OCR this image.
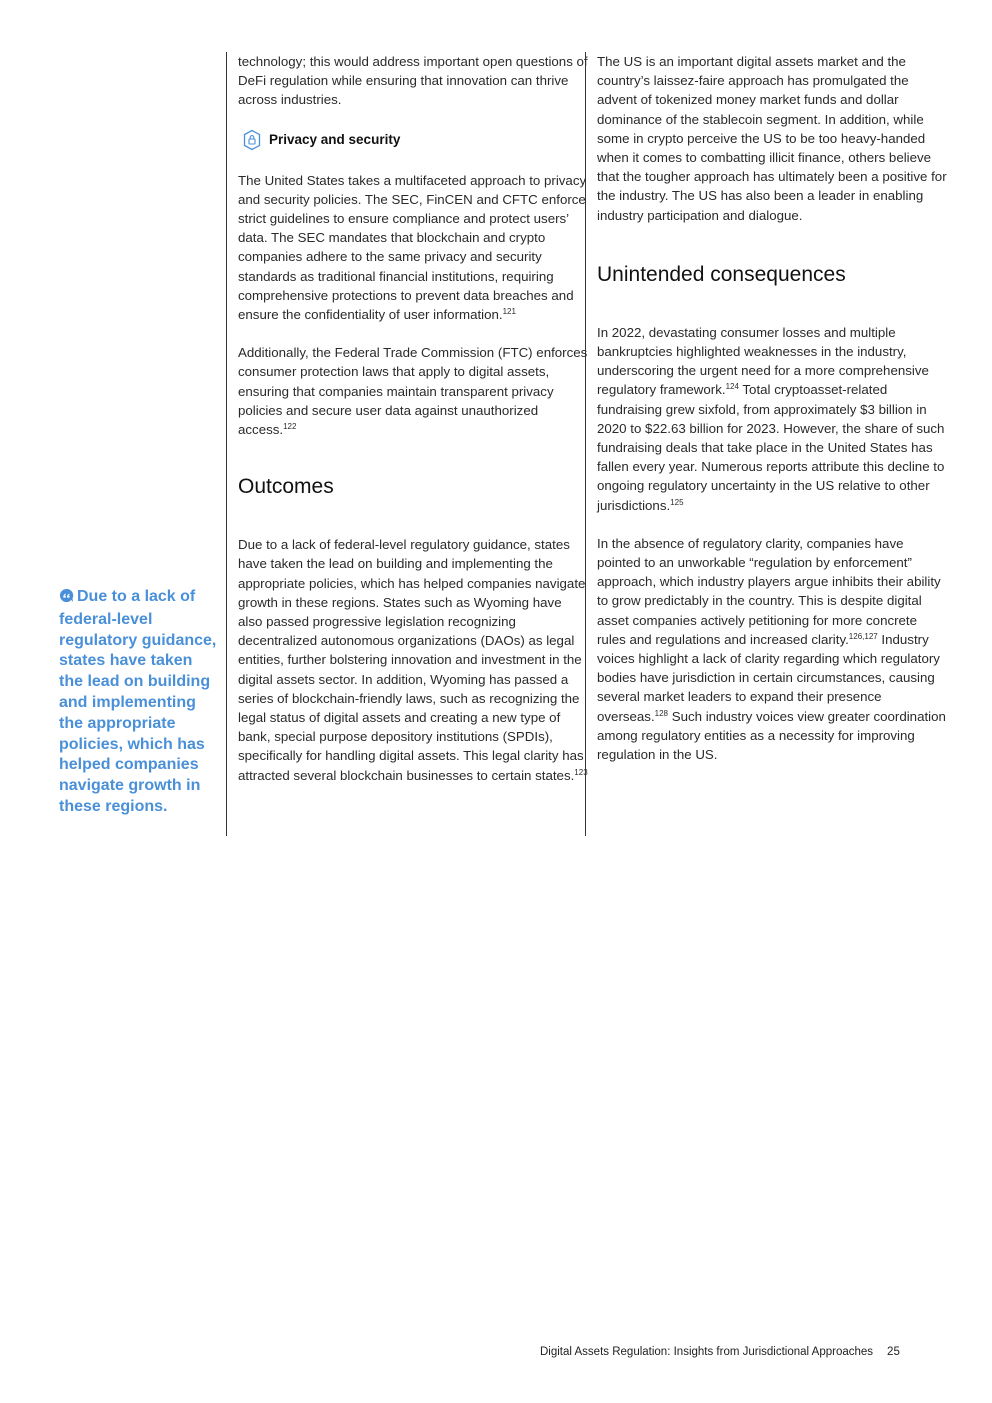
Due to a lack of federal-level regulatory guidance, states have taken the lead on building and implementing the appropriate policies, which has helped companies navigate growth in these regions.

technology; this would address important open questions of DeFi regulation while ensuring that innovation can thrive across industries.

Privacy and security

The United States takes a multifaceted approach to privacy and security policies. The SEC, FinCEN and CFTC enforce strict guidelines to ensure compliance and protect users’ data. The SEC mandates that blockchain and crypto companies adhere to the same privacy and security standards as traditional financial institutions, requiring comprehensive protections to prevent data breaches and ensure the confidentiality of user information.$^{121}$

Additionally, the Federal Trade Commission (FTC) enforces consumer protection laws that apply to digital assets, ensuring that companies maintain transparent privacy policies and secure user data against unauthorized access.$^{122}$

Outcomes

Due to a lack of federal-level regulatory guidance, states have taken the lead on building and implementing the appropriate policies, which has helped companies navigate growth in these regions. States such as Wyoming have also passed progressive legislation recognizing decentralized autonomous organizations (DAOs) as legal entities, further bolstering innovation and investment in the digital assets sector. In addition, Wyoming has passed a series of blockchain-friendly laws, such as recognizing the legal status of digital assets and creating a new type of bank, special purpose depository institutions (SPDIs), specifically for handling digital assets. This legal clarity has attracted several blockchain businesses to certain states.$^{123}$

The US is an important digital assets market and the country’s laissez-faire approach has promulgated the advent of tokenized money market funds and dollar dominance of the stablecoin segment. In addition, while some in crypto perceive the US to be too heavy-handed when it comes to combatting illicit finance, others believe that the tougher approach has ultimately been a positive for the industry. The US has also been a leader in enabling industry participation and dialogue.

Unintended consequences

In 2022, devastating consumer losses and multiple bankruptcies highlighted weaknesses in the industry, underscoring the urgent need for a more comprehensive regulatory framework.$^{124}$ Total cryptoasset-related fundraising grew sixfold, from approximately $3 billion in 2020 to $22.63 billion for 2023. However, the share of such fundraising deals that take place in the United States has fallen every year. Numerous reports attribute this decline to ongoing regulatory uncertainty in the US relative to other jurisdictions.$^{125}$

In the absence of regulatory clarity, companies have pointed to an unworkable “regulation by enforcement” approach, which industry players argue inhibits their ability to grow predictably in the country. This is despite digital asset companies actively petitioning for more concrete rules and regulations and increased clarity.$^{126,127}$ Industry voices highlight a lack of clarity regarding which regulatory bodies have jurisdiction in certain circumstances, causing several market leaders to expand their presence overseas.$^{128}$ Such industry voices view greater coordination among regulatory entities as a necessity for improving regulation in the US.

Digital Assets Regulation: Insights from Jurisdictional Approaches 25
